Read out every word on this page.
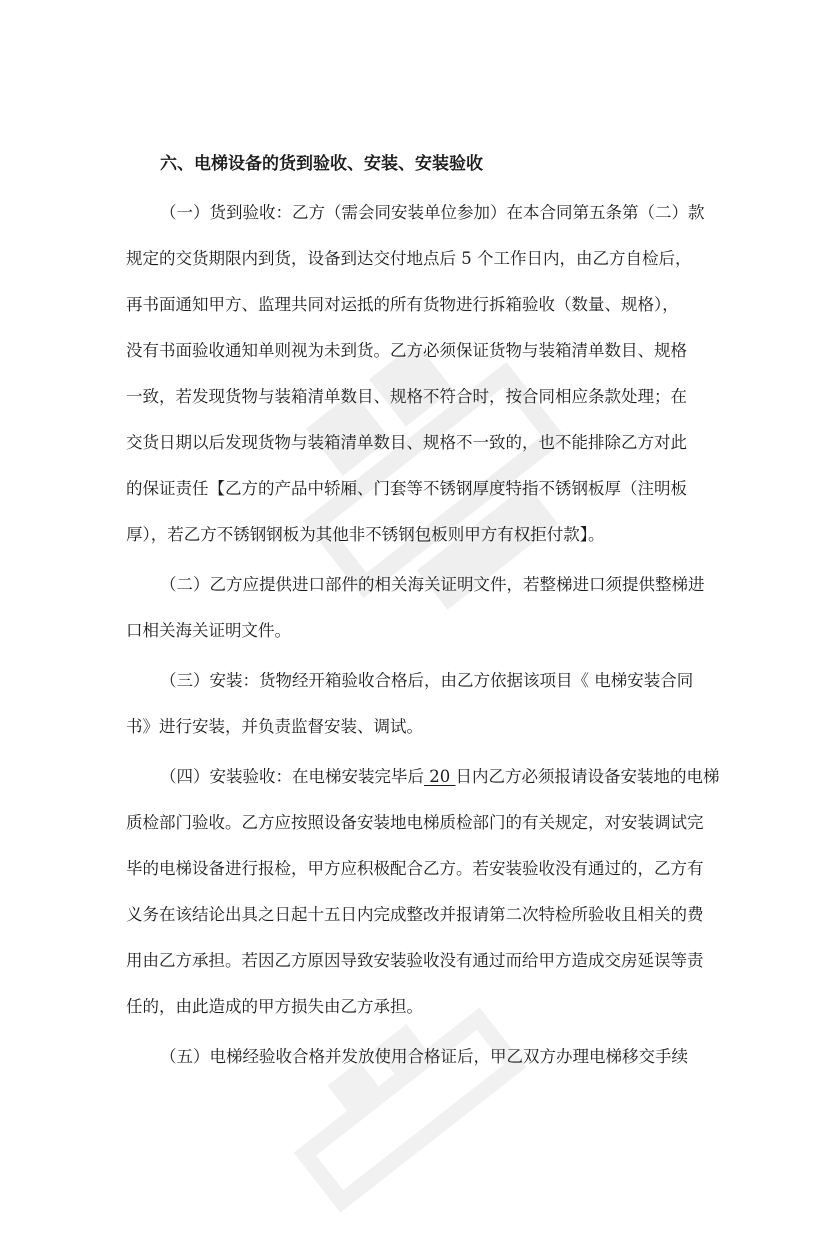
六、电梯设备的货到验收、安装、安装验收
（一）货到验收：乙方（需会同安装单位参加）在本合同第五条第（二）款
规定的交货期限内到货，设备到达交付地点后 5 个工作日内，由乙方自检后，
再书面通知甲方、监理共同对运抵的所有货物进行拆箱验收（数量、规格），
没有书面验收通知单则视为未到货。乙方必须保证货物与装箱清单数目、规格
一致，若发现货物与装箱清单数目、规格不符合时，按合同相应条款处理；在
交货日期以后发现货物与装箱清单数目、规格不一致的，也不能排除乙方对此
的保证责任【乙方的产品中轿厢、门套等不锈钢厚度特指不锈钢板厚（注明板
厚），若乙方不锈钢钢板为其他非不锈钢包板则甲方有权拒付款】。
（二）乙方应提供进口部件的相关海关证明文件，若整梯进口须提供整梯进
口相关海关证明文件。
（三）安装：货物经开箱验收合格后，由乙方依据该项目《 电梯安装合同
书》进行安装，并负责监督安装、调试。
（四）安装验收：在电梯安装完毕后 20 日内乙方必须报请设备安装地的电梯
质检部门验收。乙方应按照设备安装地电梯质检部门的有关规定，对安装调试完
毕的电梯设备进行报检，甲方应积极配合乙方。若安装验收没有通过的，乙方有
义务在该结论出具之日起十五日内完成整改并报请第二次特检所验收且相关的费
用由乙方承担。若因乙方原因导致安装验收没有通过而给甲方造成交房延误等责
任的，由此造成的甲方损失由乙方承担。
（五）电梯经验收合格并发放使用合格证后，甲乙双方办理电梯移交手续
